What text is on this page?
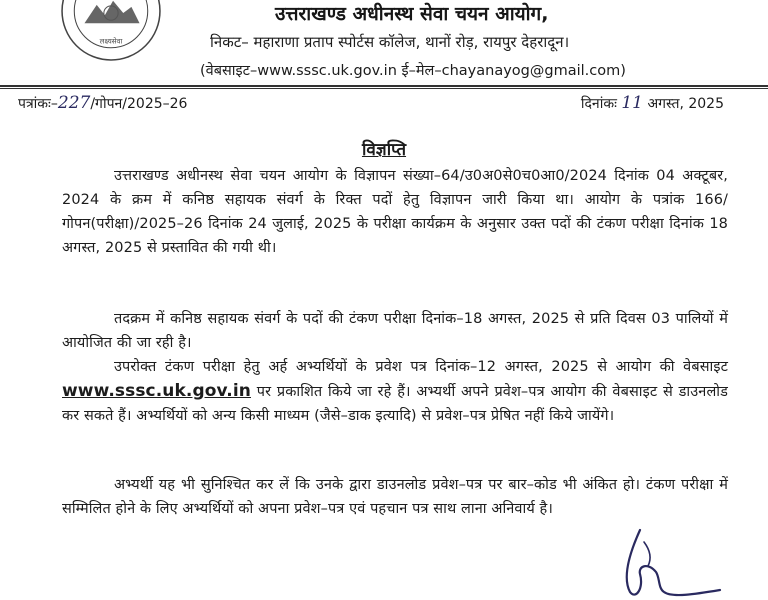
लक्ष्यसेवा
उत्तराखण्ड अधीनस्थ सेवा चयन आयोग,
निकट– महाराणा प्रताप स्पोर्टस कॉलेज, थानों रोड़, रायपुर देहरादून।
(वेबसाइट–www.sssc.uk.gov.in ई–मेल–chayanayog@gmail.com)
पत्रांकः–227/गोपन/2025–26	दिनांकः 11 अगस्त, 2025
विज्ञप्ति
उत्तराखण्ड अधीनस्थ सेवा चयन आयोग के विज्ञापन संख्या–64/उ0अ0से0च0आ0/2024 दिनांक 04 अक्टूबर, 2024 के क्रम में कनिष्ठ सहायक संवर्ग के रिक्त पदों हेतु विज्ञापन जारी किया था। आयोग के पत्रांक 166/गोपन(परीक्षा)/2025–26 दिनांक 24 जुलाई, 2025 के परीक्षा कार्यक्रम के अनुसार उक्त पदों की टंकण परीक्षा दिनांक 18 अगस्त, 2025 से प्रस्तावित की गयी थी।
तदक्रम में कनिष्ठ सहायक संवर्ग के पदों की टंकण परीक्षा दिनांक–18 अगस्त, 2025 से प्रति दिवस 03 पालियों में आयोजित की जा रही है।
उपरोक्त टंकण परीक्षा हेतु अर्ह अभ्यर्थियों के प्रवेश पत्र दिनांक–12 अगस्त, 2025 से आयोग की वेबसाइट www.sssc.uk.gov.in पर प्रकाशित किये जा रहे हैं। अभ्यर्थी अपने प्रवेश–पत्र आयोग की वेबसाइट से डाउनलोड कर सकते हैं। अभ्यर्थियों को अन्य किसी माध्यम (जैसे–डाक इत्यादि) से प्रवेश–पत्र प्रेषित नहीं किये जायेंगे।
अभ्यर्थी यह भी सुनिश्चित कर लें कि उनके द्वारा डाउनलोड प्रवेश–पत्र पर बार–कोड भी अंकित हो। टंकण परीक्षा में सम्मिलित होने के लिए अभ्यर्थियों को अपना प्रवेश–पत्र एवं पहचान पत्र साथ लाना अनिवार्य है।
